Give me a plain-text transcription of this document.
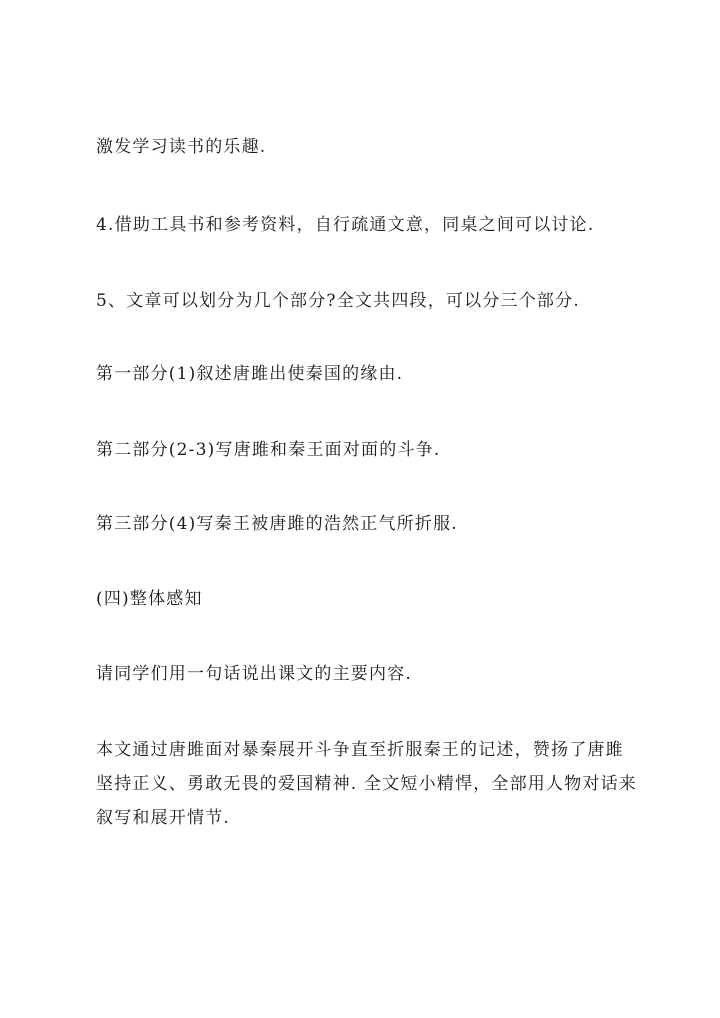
激发学习读书的乐趣.

4.借助工具书和参考资料，自行疏通文意，同桌之间可以讨论.

5、文章可以划分为几个部分?全文共四段，可以分三个部分.

第一部分(1)叙述唐雎出使秦国的缘由.

第二部分(2-3)写唐雎和秦王面对面的斗争.

第三部分(4)写秦王被唐雎的浩然正气所折服.

(四)整体感知

请同学们用一句话说出课文的主要内容.

本文通过唐雎面对暴秦展开斗争直至折服秦王的记述，赞扬了唐雎坚持正义、勇敢无畏的爱国精神. 全文短小精悍，全部用人物对话来叙写和展开情节.
